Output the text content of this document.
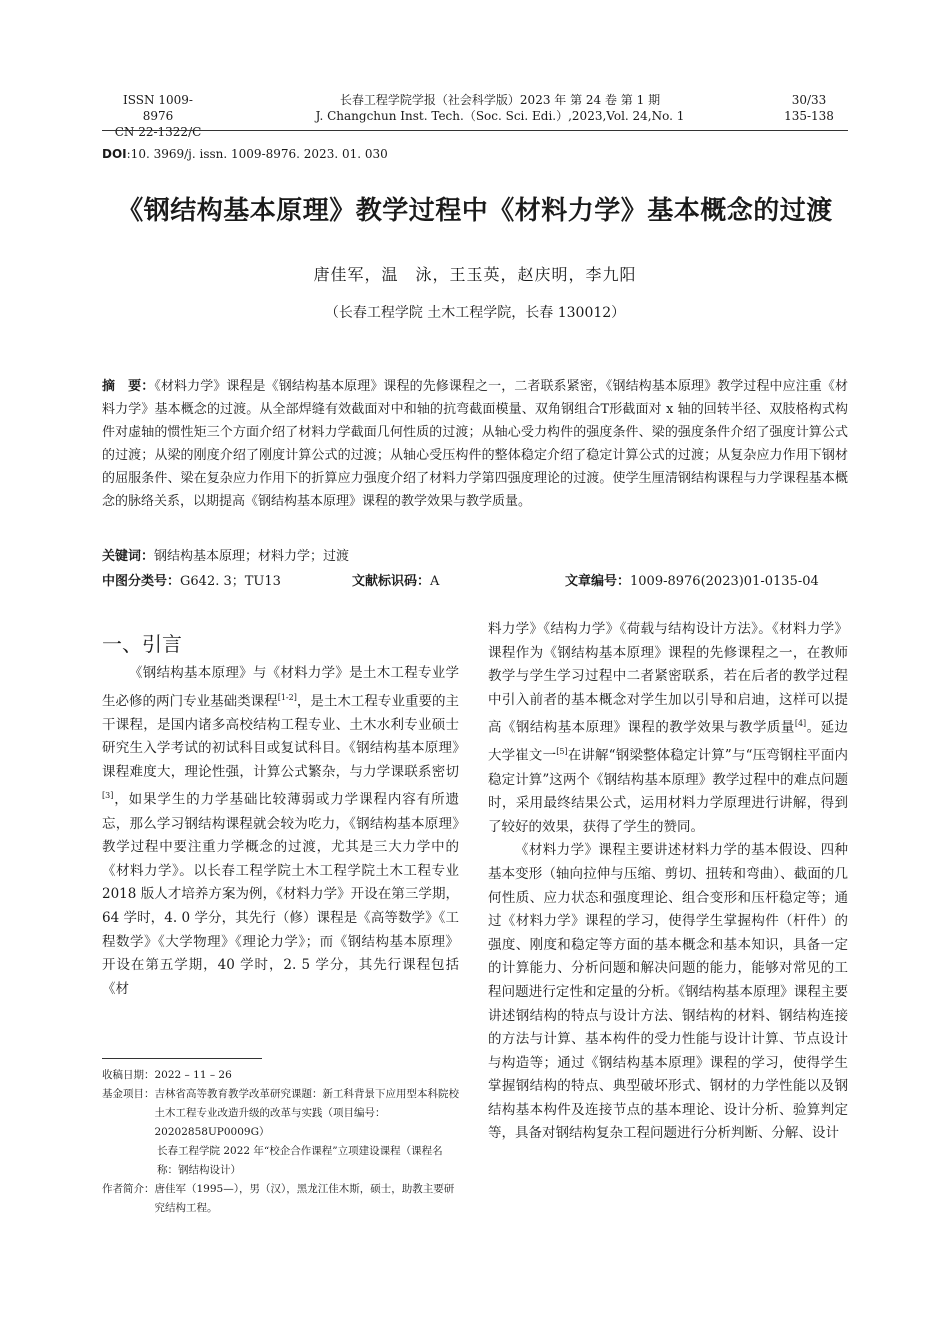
ISSN 1009-8976
CN 22-1322/C
长春工程学院学报（社会科学版）2023 年 第 24 卷 第 1 期
J. Changchun Inst. Tech.（Soc. Sci. Edi.）,2023,Vol. 24,No. 1
30/33
135-138
DOI:10. 3969/j. issn. 1009-8976. 2023. 01. 030
《钢结构基本原理》教学过程中《材料力学》基本概念的过渡
唐佳军，温　泳，王玉英，赵庆明，李九阳
（长春工程学院 土木工程学院，长春 130012）
摘　要：《材料力学》课程是《钢结构基本原理》课程的先修课程之一，二者联系紧密，《钢结构基本原理》教学过程中应注重《材料力学》基本概念的过渡。从全部焊缝有效截面对中和轴的抗弯截面模量、双角钢组合T形截面对 x 轴的回转半径、双肢格构式构件对虚轴的惯性矩三个方面介绍了材料力学截面几何性质的过渡；从轴心受力构件的强度条件、梁的强度条件介绍了强度计算公式的过渡；从梁的刚度介绍了刚度计算公式的过渡；从轴心受压构件的整体稳定介绍了稳定计算公式的过渡；从复杂应力作用下钢材的屈服条件、梁在复杂应力作用下的折算应力强度介绍了材料力学第四强度理论的过渡。使学生厘清钢结构课程与力学课程基本概念的脉络关系，以期提高《钢结构基本原理》课程的教学效果与教学质量。
关键词：钢结构基本原理；材料力学；过渡
中图分类号：G642. 3；TU13	文献标识码：A	文章编号：1009-8976(2023)01-0135-04
一、引言

《钢结构基本原理》与《材料力学》是土木工程专业学生必修的两门专业基础类课程[1-2]，是土木工程专业重要的主干课程，是国内诸多高校结构工程专业、土木水利专业硕士研究生入学考试的初试科目或复试科目。《钢结构基本原理》课程难度大，理论性强，计算公式繁杂，与力学课联系密切[3]，如果学生的力学基础比较薄弱或力学课程内容有所遗忘，那么学习钢结构课程就会较为吃力，《钢结构基本原理》教学过程中要注重力学概念的过渡，尤其是三大力学中的《材料力学》。以长春工程学院土木工程学院土木工程专业 2018 版人才培养方案为例，《材料力学》开设在第三学期，64 学时，4. 0 学分，其先行（修）课程是《高等数学》《工程数学》《大学物理》《理论力学》；而《钢结构基本原理》开设在第五学期，40 学时，2. 5 学分，其先行课程包括《材

收稿日期：2022 – 11 – 26
基金项目： 吉林省高等教育教学改革研究课题：新工科背景下应用型本科院校土木工程专业改造升级的改革与实践（项目编号：20202858UP0009G）
长春工程学院 2022 年“校企合作课程”立项建设课程（课程名称：钢结构设计）
作者简介： 唐佳军（1995—），男（汉），黑龙江佳木斯，硕士，助教主要研究结构工程。

料力学》《结构力学》《荷载与结构设计方法》。《材料力学》课程作为《钢结构基本原理》课程的先修课程之一，在教师教学与学生学习过程中二者紧密联系，若在后者的教学过程中引入前者的基本概念对学生加以引导和启迪，这样可以提高《钢结构基本原理》课程的教学效果与教学质量[4]。延边大学崔文一[5]在讲解“钢梁整体稳定计算”与“压弯钢柱平面内稳定计算”这两个《钢结构基本原理》教学过程中的难点问题时，采用最终结果公式，运用材料力学原理进行讲解，得到了较好的效果，获得了学生的赞同。

《材料力学》课程主要讲述材料力学的基本假设、四种基本变形（轴向拉伸与压缩、剪切、扭转和弯曲）、截面的几何性质、应力状态和强度理论、组合变形和压杆稳定等；通过《材料力学》课程的学习，使得学生掌握构件（杆件）的强度、刚度和稳定等方面的基本概念和基本知识，具备一定的计算能力、分析问题和解决问题的能力，能够对常见的工程问题进行定性和定量的分析。《钢结构基本原理》课程主要讲述钢结构的特点与设计方法、钢结构的材料、钢结构连接的方法与计算、基本构件的受力性能与设计计算、节点设计与构造等；通过《钢结构基本原理》课程的学习，使得学生掌握钢结构的特点、典型破坏形式、钢材的力学性能以及钢结构基本构件及连接节点的基本理论、设计分析、验算判定等，具备对钢结构复杂工程问题进行分析判断、分解、设计
